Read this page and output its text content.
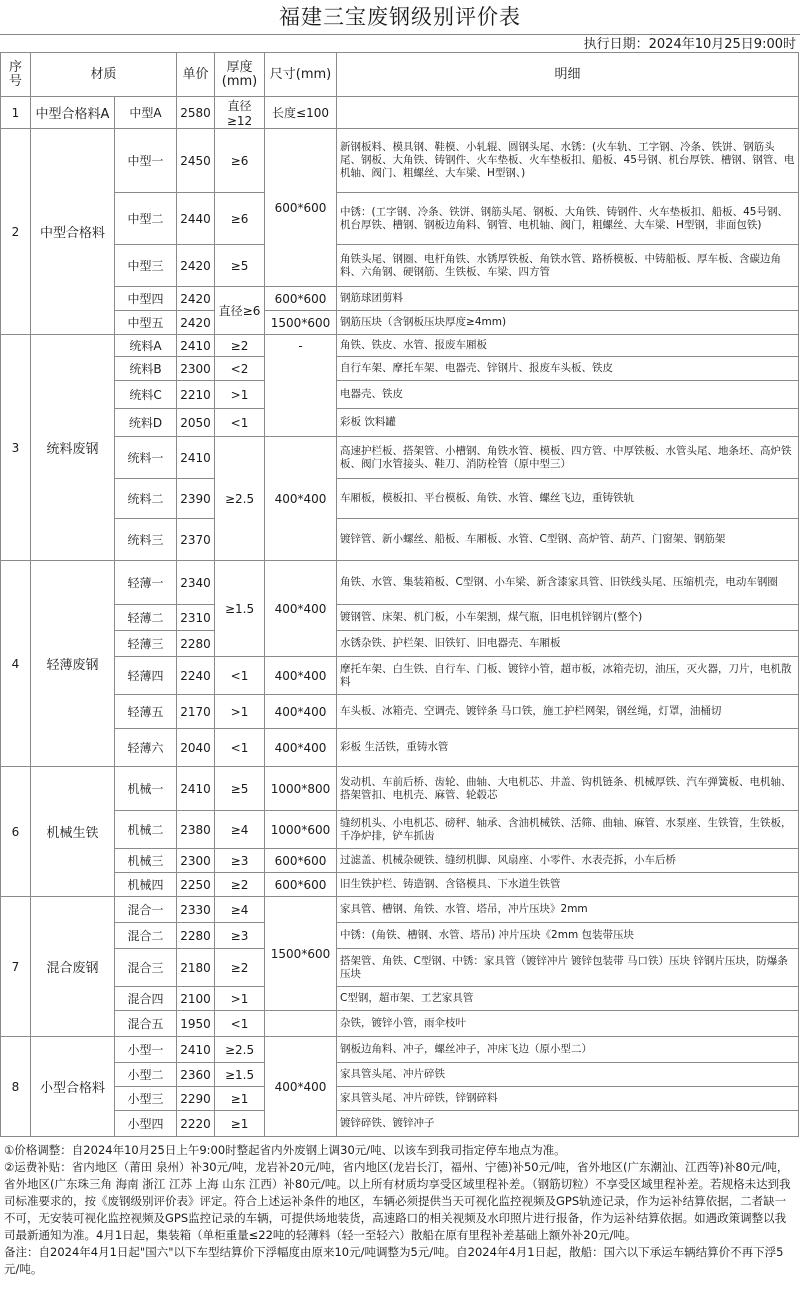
福建三宝废钢级别评价表
执行日期：2024年10月25日9:00时
序号	材质		单价	厚度(mm)	尺寸(mm)	明细
1	中型合格料A	中型A	2580	直径≥12	长度≤100	
2	中型合格料	中型一	2450	≥6	600*600	新钢板料、模具钢、鞋模、小轧辊、圆钢头尾、水锈：(火车轨、工字钢、冷条、铁饼、钢筋头尾、钢板、大角铁、铸钢件、火车垫板、火车垫板扣、船板、45号钢、机台厚铁、槽钢、钢管、电机轴、阀门、粗螺丝、大车梁、H型钢、)
		中型二	2440	≥6		中锈：(工字钢、冷条、铁饼、钢筋头尾、钢板、大角铁、铸钢件、火车垫板扣、船板、45号钢、机台厚铁、槽钢、钢板边角料、钢管、电机轴、阀门，粗螺丝、大车梁、H型钢，非面包铁)
		中型三	2420	≥5		角铁头尾、钢圈、电杆角铁、水锈厚铁板、角铁水管、路桥模板、中铸船板、厚车板、含碳边角料、六角钢、硬钢筋、生铁板、车梁、四方管
		中型四	2420	直径≥6	600*600	钢筋球团剪料
		中型五	2420		1500*600	钢筋压块（含钢板压块厚度≥4mm)
3	统料废钢	统料A	2410	≥2	-	角铁、铁皮、水管、报废车厢板
		统料B	2300	<2		自行车架、摩托车架、电器壳、锌钢片、报废车头板、铁皮
		统料C	2210	>1		电器壳、铁皮
		统料D	2050	<1		彩板 饮料罐
		统料一	2410	≥2.5	400*400	高速护栏板、搭架管、小槽钢、角铁水管、模板、四方管、中厚铁板、水管头尾、地条坯、高炉铁板、阀门水管接头、鞋刀、消防栓管（原中型三）
		统料二	2390			车厢板，模板扣、平台模板、角铁、水管、螺丝飞边，重铸铁轨
		统料三	2370			镀锌管、新小螺丝、船板、车厢板、水管、C型钢、高炉管、葫芦、门窗架、钢筋架
4	轻薄废钢	轻薄一	2340	≥1.5	400*400	角铁、水管、集装箱板、C型钢、小车梁、新含漆家具管、旧铁线头尾、压缩机壳，电动车钢圈
		轻薄二	2310			镀钢管、床架、机门板，小车架割，煤气瓶，旧电机锌钢片(整个)
		轻薄三	2280			水锈杂铁、护栏架、旧铁钉、旧电器壳、车厢板
		轻薄四	2240	<1	400*400	摩托车架、白生铁、自行车、门板、镀锌小管，超市板，冰箱壳切，油压，灭火器，刀片，电机散料
		轻薄五	2170	>1	400*400	车头板、冰箱壳、空调壳、镀锌条 马口铁，施工护栏网架，钢丝绳，灯罩，油桶切
		轻薄六	2040	<1	400*400	彩板 生活铁，重铸水管
6	机械生铁	机械一	2410	≥5	1000*800	发动机、车前后桥、齿轮、曲轴、大电机芯、井盖、钩机链条、机械厚铁、汽车弹簧板、电机轴、搭架管扣、电机壳、麻管、轮毂芯
		机械二	2380	≥4	1000*600	缝纫机头、小电机芯、磅秤、轴承、含油机械铁、活筛、曲轴、麻管、水泵座、生铁管，生铁板，千净炉排，铲车抓齿
		机械三	2300	≥3	600*600	过滤盖、机械杂硬铁、缝纫机脚、风扇座、小零件、水表壳拆，小车后桥
		机械四	2250	≥2	600*600	旧生铁护栏、铸造钢、含铬模具、下水道生铁管
7	混合废钢	混合一	2330	≥4	1500*600	家具管、槽钢、角铁、水管、塔吊，冲片压块》2mm
		混合二	2280	≥3		中锈：(角铁、槽钢、水管、塔吊) 冲片压块《2mm 包装带压块
		混合三	2180	≥2		搭架管、角铁、C型钢、中锈：家具管（镀锌冲片 镀锌包装带 马口铁）压块 锌钢片压块，防爆条压块
		混合四	2100	>1		C型钢，超市架、工艺家具管
		混合五	1950	<1		杂铁，镀锌小管，雨伞枝叶
8	小型合格料	小型一	2410	≥2.5	400*400	钢板边角料、冲子，螺丝冲子，冲床飞边（原小型二）
		小型二	2360	≥1.5		家具管头尾、冲片碎铁
		小型三	2290	≥1		家具管头尾、冲片碎铁，锌钢碎料
		小型四	2220	≥1		镀锌碎铁、镀锌冲子

①价格调整：自2024年10月25日上午9:00时整起省内外废钢上调30元/吨、以该车到我司指定停车地点为准。

②运费补贴：省内地区（莆田 泉州）补30元/吨，龙岩补20元/吨，省内地区(龙岩长汀，福州、宁德)补50元/吨，省外地区(广东潮汕、江西等)补80元/吨，省外地区(广东珠三角 海南 浙江 江苏 上海 山东 江西）补80元/吨。以上所有材质均享受区域里程补差。（钢筋切粒）不享受区域里程补差。若规格未达到我司标准要求的，按《废钢级别评价表》评定。符合上述运补条件的地区，车辆必须提供当天可视化监控视频及GPS轨迹记录，作为运补结算依据，二者缺一不可，无安装可视化监控视频及GPS监控记录的车辆，可提供场地装货，高速路口的相关视频及水印照片进行报备，作为运补结算依据。如遇政策调整以我司最新通知为准。4月1日起，集装箱（单柜重量≤22吨的轻薄料（轻一至轻六）散船在原有里程补差基础上额外补20元/吨。

备注：自2024年4月1日起"国六"以下车型结算价下浮幅度由原来10元/吨调整为5元/吨。自2024年4月1日起，散船：国六以下承运车辆结算价不再下浮5元/吨。
